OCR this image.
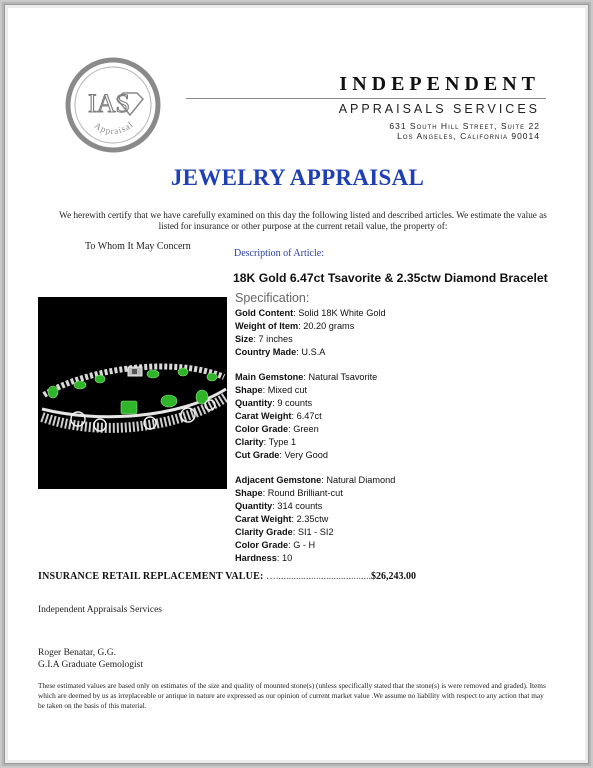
IAS
Appraisal
INDEPENDENT
APPRAISALS SERVICES
631 South Hill Street, Suite 22
Los Angeles, California 90014
JEWELRY APPRAISAL
We herewith certify that we have carefully examined on this day the following listed and described articles. We estimate the value as listed for insurance or other purpose at the current retail value, the property of:
To Whom It May Concern
Description of Article:
18K Gold 6.47ct Tsavorite & 2.35ctw Diamond Bracelet
Specification:
Gold Content: Solid 18K White Gold
Weight of Item: 20.20 grams
Size: 7 inches
Country Made: U.S.A
Main Gemstone: Natural Tsavorite
Shape: Mixed cut
Quantity: 9 counts
Carat Weight: 6.47ct
Color Grade: Green
Clarity: Type 1
Cut Grade: Very Good
Adjacent Gemstone: Natural Diamond
Shape: Round Brilliant-cut
Quantity: 314 counts
Carat Weight: 2.35ctw
Clarity Grade: SI1 - SI2
Color Grade: G - H
Hardness: 10
INSURANCE RETAIL REPLACEMENT VALUE: …......................................$26,243.00
Independent Appraisals Services
Roger Benatar, G.G.
G.I.A Graduate Gemologist
These estimated values are based only on estimates of the size and quality of mounted stone(s) (unless specifically stated that the stone(s) is were removed and graded). Items which are deemed by us as irreplaceable or antique in nature are expressed as our opinion of current market value .We assume no liability with respect to any action that may be taken on the basis of this material.
